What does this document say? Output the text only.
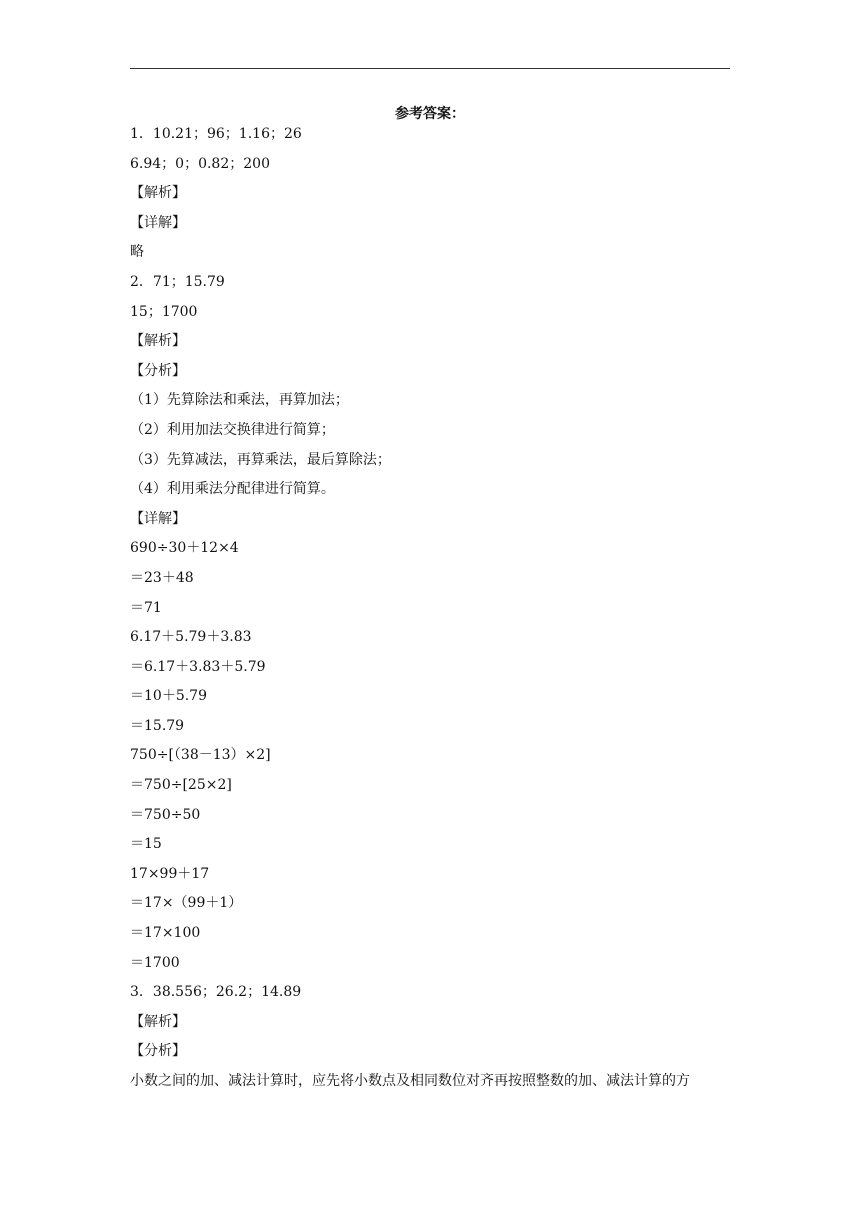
参考答案：
1．10.21；96；1.16；26
6.94；0；0.82；200
【解析】
【详解】
略
2．71；15.79
15；1700
【解析】
【分析】
（1）先算除法和乘法，再算加法；
（2）利用加法交换律进行简算；
（3）先算减法，再算乘法，最后算除法；
（4）利用乘法分配律进行简算。
【详解】
690÷30＋12×4
＝23＋48
＝71
6.17＋5.79＋3.83
＝6.17＋3.83＋5.79
＝10＋5.79
＝15.79
750÷[（38－13）×2]
＝750÷[25×2]
＝750÷50
＝15
17×99＋17
＝17×（99＋1）
＝17×100
＝1700
3．38.556；26.2；14.89
【解析】
【分析】
小数之间的加、减法计算时，应先将小数点及相同数位对齐再按照整数的加、减法计算的方
